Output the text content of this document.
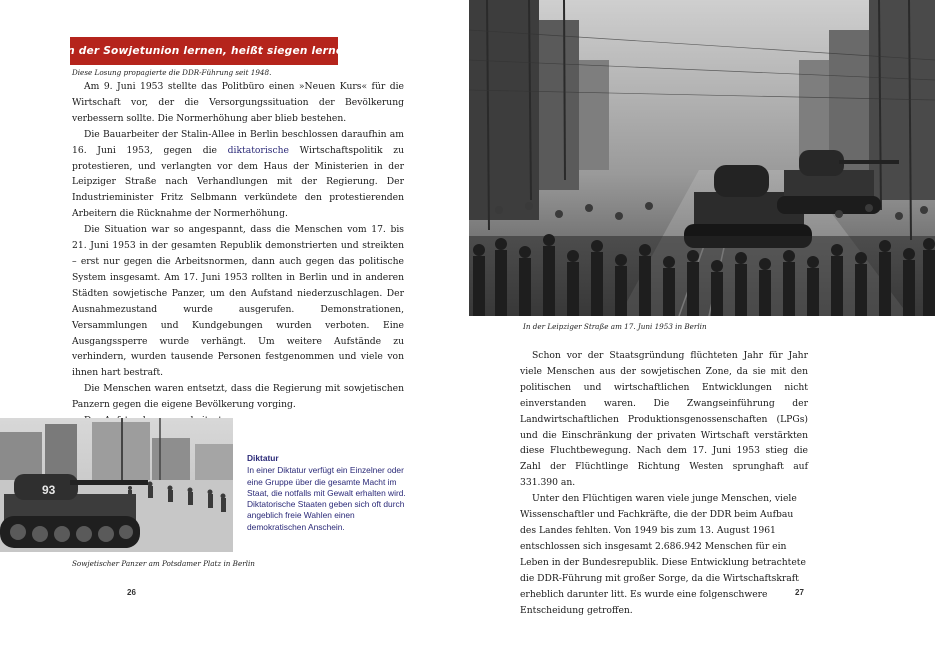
Von der Sowjetunion lernen, heißt siegen lernen!
Diese Losung propagierte die DDR-Führung seit 1948.

Am 9. Juni 1953 stellte das Politbüro einen »Neuen Kurs« für die Wirtschaft vor, der die Versorgungssituation der Bevölkerung verbessern sollte. Die Normerhöhung aber blieb bestehen.

Die Bauarbeiter der Stalin-Allee in Berlin beschlossen daraufhin am 16. Juni 1953, gegen die diktatorische Wirtschaftspolitik zu protestieren, und verlangten vor dem Haus der Ministerien in der Leipziger Straße nach Verhandlungen mit der Regierung. Der Industrieminister Fritz Selbmann verkündete den protestierenden Arbeitern die Rücknahme der Normerhöhung.

Die Situation war so angespannt, dass die Menschen vom 17. bis 21. Juni 1953 in der gesamten Republik demonstrierten und streikten – erst nur gegen die Arbeitsnormen, dann auch gegen das politische System insgesamt. Am 17. Juni 1953 rollten in Berlin und in anderen Städten sowjetische Panzer, um den Aufstand niederzuschlagen. Der Ausnahmezustand wurde ausgerufen. Demonstrationen, Versammlungen und Kundgebungen wurden verboten. Eine Ausgangssperre wurde verhängt. Um weitere Aufstände zu verhindern, wurden tausende Personen festgenommen und viele von ihnen hart bestraft.

Die Menschen waren entsetzt, dass die Regierung mit sowjetischen Panzern gegen die eigene Bevölkerung vorging.

93
Sowjetischer Panzer am Potsdamer Platz in Berlin
Diktatur

In einer Diktatur verfügt ein Einzelner oder eine Gruppe über die gesamte Macht im Staat, die notfalls mit Gewalt erhalten wird.

Diktatorische Staaten geben sich oft durch angeblich freie Wahlen einen demokratischen Anschein.

26
In der Leipziger Straße am 17. Juni 1953 in Berlin

Schon vor der Staatsgründung flüchteten Jahr für Jahr viele Menschen aus der sowjetischen Zone, da sie mit den politischen und wirtschaftlichen Entwicklungen nicht einverstanden waren. Die Zwangseinführung der Landwirtschaftlichen Produktionsgenossenschaften (LPGs) und die Einschränkung der privaten Wirtschaft verstärkten diese Fluchtbewegung. Nach dem 17. Juni 1953 stieg die Zahl der Flüchtlinge Richtung Westen sprunghaft auf 331.390 an.

Unter den Flüchtigen waren viele junge Menschen, viele Wissenschaftler und Fachkräfte, die der DDR beim Aufbau des Landes fehlten. Von 1949 bis zum 13. August 1961 entschlossen sich insgesamt 2.686.942 Menschen für ein Leben in der Bundesrepublik. Diese Entwicklung betrachtete die DDR-Führung mit großer Sorge, da die Wirtschaftskraft erheblich darunter litt. Es wurde eine folgenschwere Entscheidung getroffen.

27
